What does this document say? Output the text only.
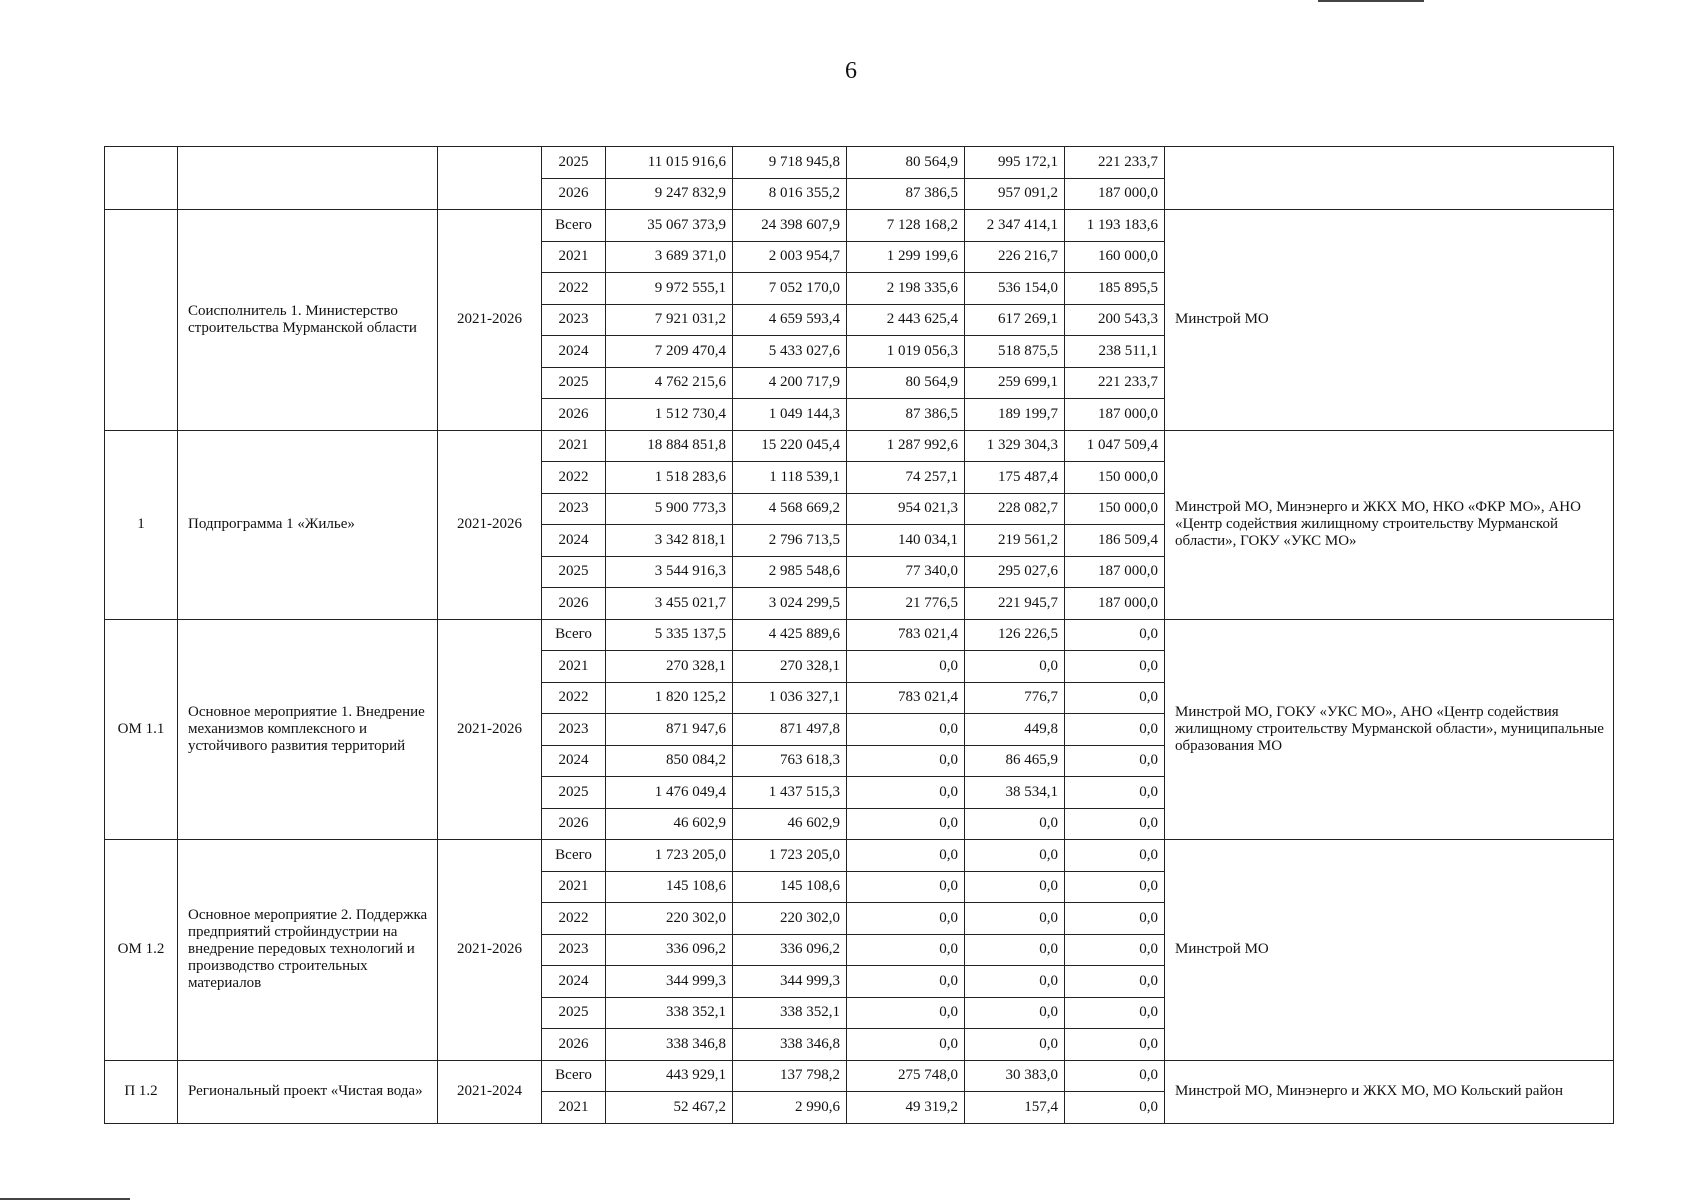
6
			2025	11 015 916,6	9 718 945,8	80 564,9	995 172,1	221 233,7	
			2026	9 247 832,9	8 016 355,2	87 386,5	957 091,2	187 000,0	
	Соисполнитель 1. Министерство строительства Мурманской области	2021-2026	Всего	35 067 373,9	24 398 607,9	7 128 168,2	2 347 414,1	1 193 183,6	Минстрой МО
			2021	3 689 371,0	2 003 954,7	1 299 199,6	226 216,7	160 000,0	
			2022	9 972 555,1	7 052 170,0	2 198 335,6	536 154,0	185 895,5	
			2023	7 921 031,2	4 659 593,4	2 443 625,4	617 269,1	200 543,3	
			2024	7 209 470,4	5 433 027,6	1 019 056,3	518 875,5	238 511,1	
			2025	4 762 215,6	4 200 717,9	80 564,9	259 699,1	221 233,7	
			2026	1 512 730,4	1 049 144,3	87 386,5	189 199,7	187 000,0	
1	Подпрограмма 1 «Жилье»	2021-2026	2021	18 884 851,8	15 220 045,4	1 287 992,6	1 329 304,3	1 047 509,4	Минстрой МО, Минэнерго и ЖКХ МО, НКО «ФКР МО», АНО «Центр содействия жилищному строительству Мурманской области», ГОКУ «УКС МО»
			2022	1 518 283,6	1 118 539,1	74 257,1	175 487,4	150 000,0	
			2023	5 900 773,3	4 568 669,2	954 021,3	228 082,7	150 000,0	
			2024	3 342 818,1	2 796 713,5	140 034,1	219 561,2	186 509,4	
			2025	3 544 916,3	2 985 548,6	77 340,0	295 027,6	187 000,0	
			2026	3 455 021,7	3 024 299,5	21 776,5	221 945,7	187 000,0	
ОМ 1.1	Основное мероприятие 1. Внедрение механизмов комплексного и устойчивого развития территорий	2021-2026	Всего	5 335 137,5	4 425 889,6	783 021,4	126 226,5	0,0	Минстрой МО, ГОКУ «УКС МО», АНО «Центр содействия жилищному строительству Мурманской области», муниципальные образования МО
			2021	270 328,1	270 328,1	0,0	0,0	0,0	
			2022	1 820 125,2	1 036 327,1	783 021,4	776,7	0,0	
			2023	871 947,6	871 497,8	0,0	449,8	0,0	
			2024	850 084,2	763 618,3	0,0	86 465,9	0,0	
			2025	1 476 049,4	1 437 515,3	0,0	38 534,1	0,0	
			2026	46 602,9	46 602,9	0,0	0,0	0,0	
ОМ 1.2	Основное мероприятие 2. Поддержка предприятий стройиндустрии на внедрение передовых технологий и производство строительных материалов	2021-2026	Всего	1 723 205,0	1 723 205,0	0,0	0,0	0,0	Минстрой МО
			2021	145 108,6	145 108,6	0,0	0,0	0,0	
			2022	220 302,0	220 302,0	0,0	0,0	0,0	
			2023	336 096,2	336 096,2	0,0	0,0	0,0	
			2024	344 999,3	344 999,3	0,0	0,0	0,0	
			2025	338 352,1	338 352,1	0,0	0,0	0,0	
			2026	338 346,8	338 346,8	0,0	0,0	0,0	
П 1.2	Региональный проект «Чистая вода»	2021-2024	Всего	443 929,1	137 798,2	275 748,0	30 383,0	0,0	Минстрой МО, Минэнерго и ЖКХ МО, МО Кольский район
			2021	52 467,2	2 990,6	49 319,2	157,4	0,0	
